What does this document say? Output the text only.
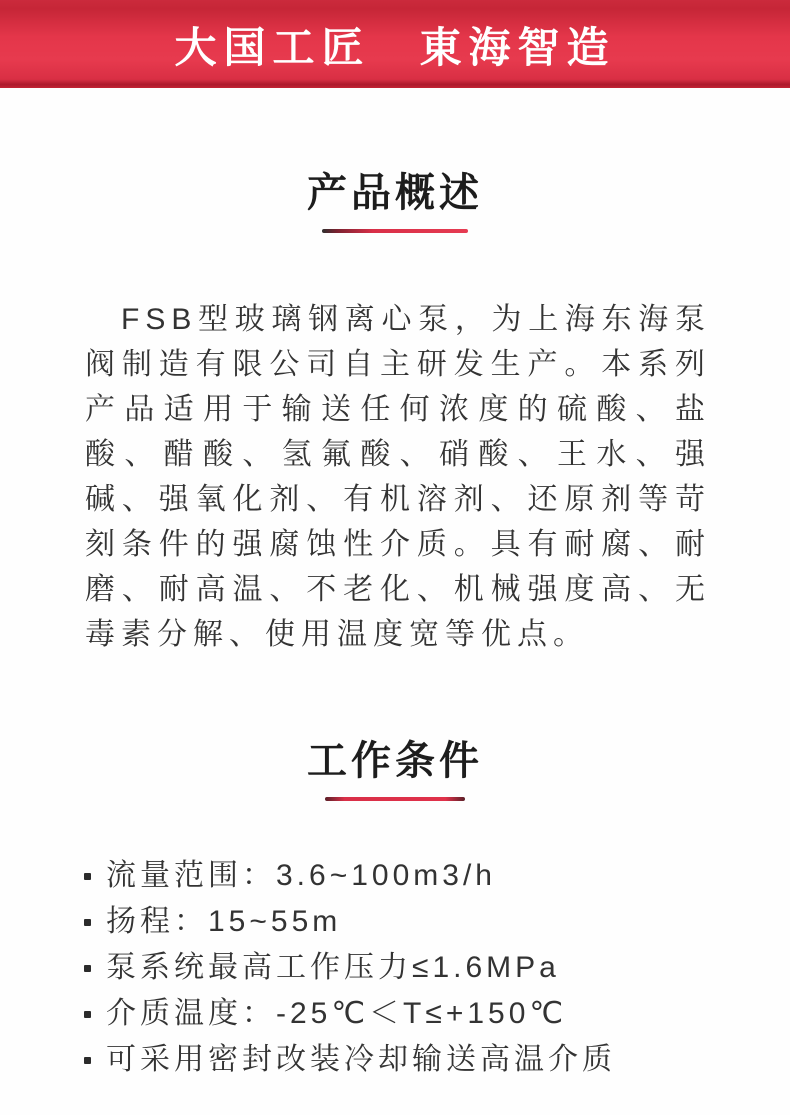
大国工匠　東海智造
产品概述

FSB型玻璃钢离心泵，为上海东海泵阀制造有限公司自主研发生产。本系列产品适用于输送任何浓度的硫酸、盐酸、醋酸、氢氟酸、硝酸、王水、强碱、强氧化剂、有机溶剂、还原剂等苛刻条件的强腐蚀性介质。具有耐腐、耐磨、耐高温、不老化、机械强度高、无毒素分解、使用温度宽等优点。

工作条件
流量范围：3.6~100m3/h
扬程：15~55m
泵系统最高工作压力≤1.6MPa
介质温度：-25℃＜T≤+150℃
可采用密封改装冷却输送高温介质
